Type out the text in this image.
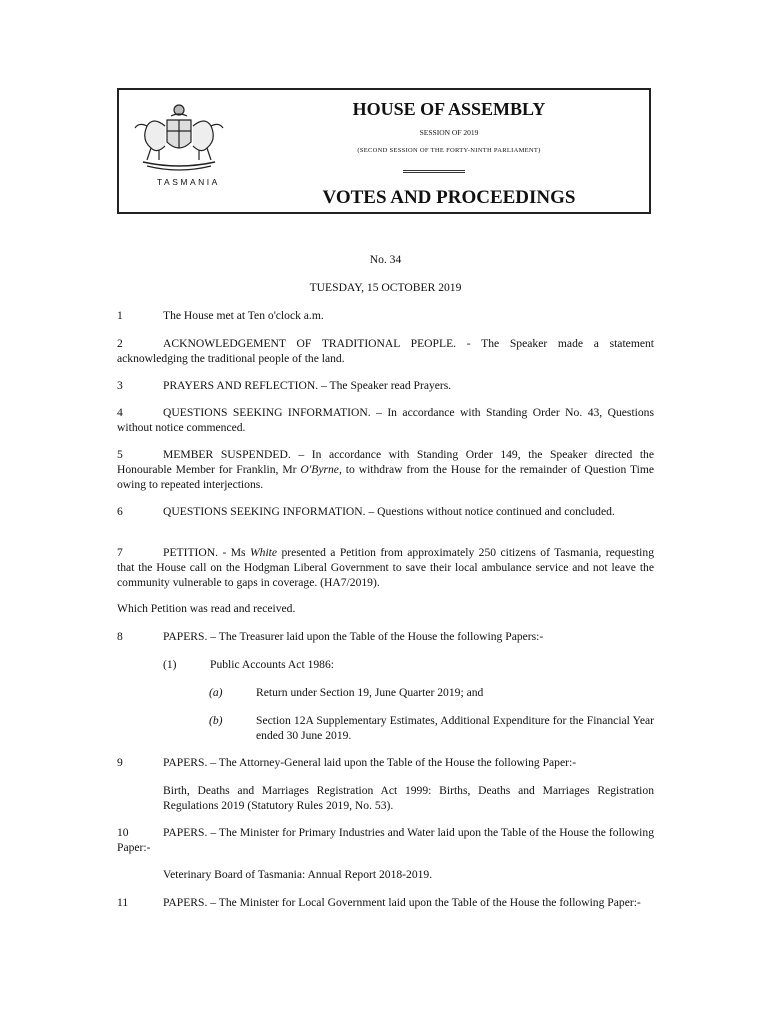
TASMANIA
HOUSE OF ASSEMBLY
SESSION OF 2019
(SECOND SESSION OF THE FORTY-NINTH PARLIAMENT)
VOTES AND PROCEEDINGS
No. 34
TUESDAY, 15 OCTOBER 2019
1	The House met at Ten o'clock a.m.
2	ACKNOWLEDGEMENT OF TRADITIONAL PEOPLE. - The Speaker made a statement acknowledging the traditional people of the land.
3	PRAYERS AND REFLECTION. – The Speaker read Prayers.
4	QUESTIONS SEEKING INFORMATION. – In accordance with Standing Order No. 43, Questions without notice commenced.
5	MEMBER SUSPENDED. – In accordance with Standing Order 149, the Speaker directed the Honourable Member for Franklin, Mr O'Byrne, to withdraw from the House for the remainder of Question Time owing to repeated interjections.
6	QUESTIONS SEEKING INFORMATION. – Questions without notice continued and concluded.
7	PETITION. - Ms White presented a Petition from approximately 250 citizens of Tasmania, requesting that the House call on the Hodgman Liberal Government to save their local ambulance service and not leave the community vulnerable to gaps in coverage. (HA7/2019).
Which Petition was read and received.
8	PAPERS. – The Treasurer laid upon the Table of the House the following Papers:-
(1)	Public Accounts Act 1986:
(a)	Return under Section 19, June Quarter 2019; and
(b)	Section 12A Supplementary Estimates, Additional Expenditure for the Financial Year ended 30 June 2019.
9	PAPERS. – The Attorney-General laid upon the Table of the House the following Paper:-
Birth, Deaths and Marriages Registration Act 1999: Births, Deaths and Marriages Registration Regulations 2019 (Statutory Rules 2019, No. 53).
10	PAPERS. – The Minister for Primary Industries and Water laid upon the Table of the House the following Paper:-
Veterinary Board of Tasmania: Annual Report 2018-2019.
11	PAPERS. – The Minister for Local Government laid upon the Table of the House the following Paper:-
